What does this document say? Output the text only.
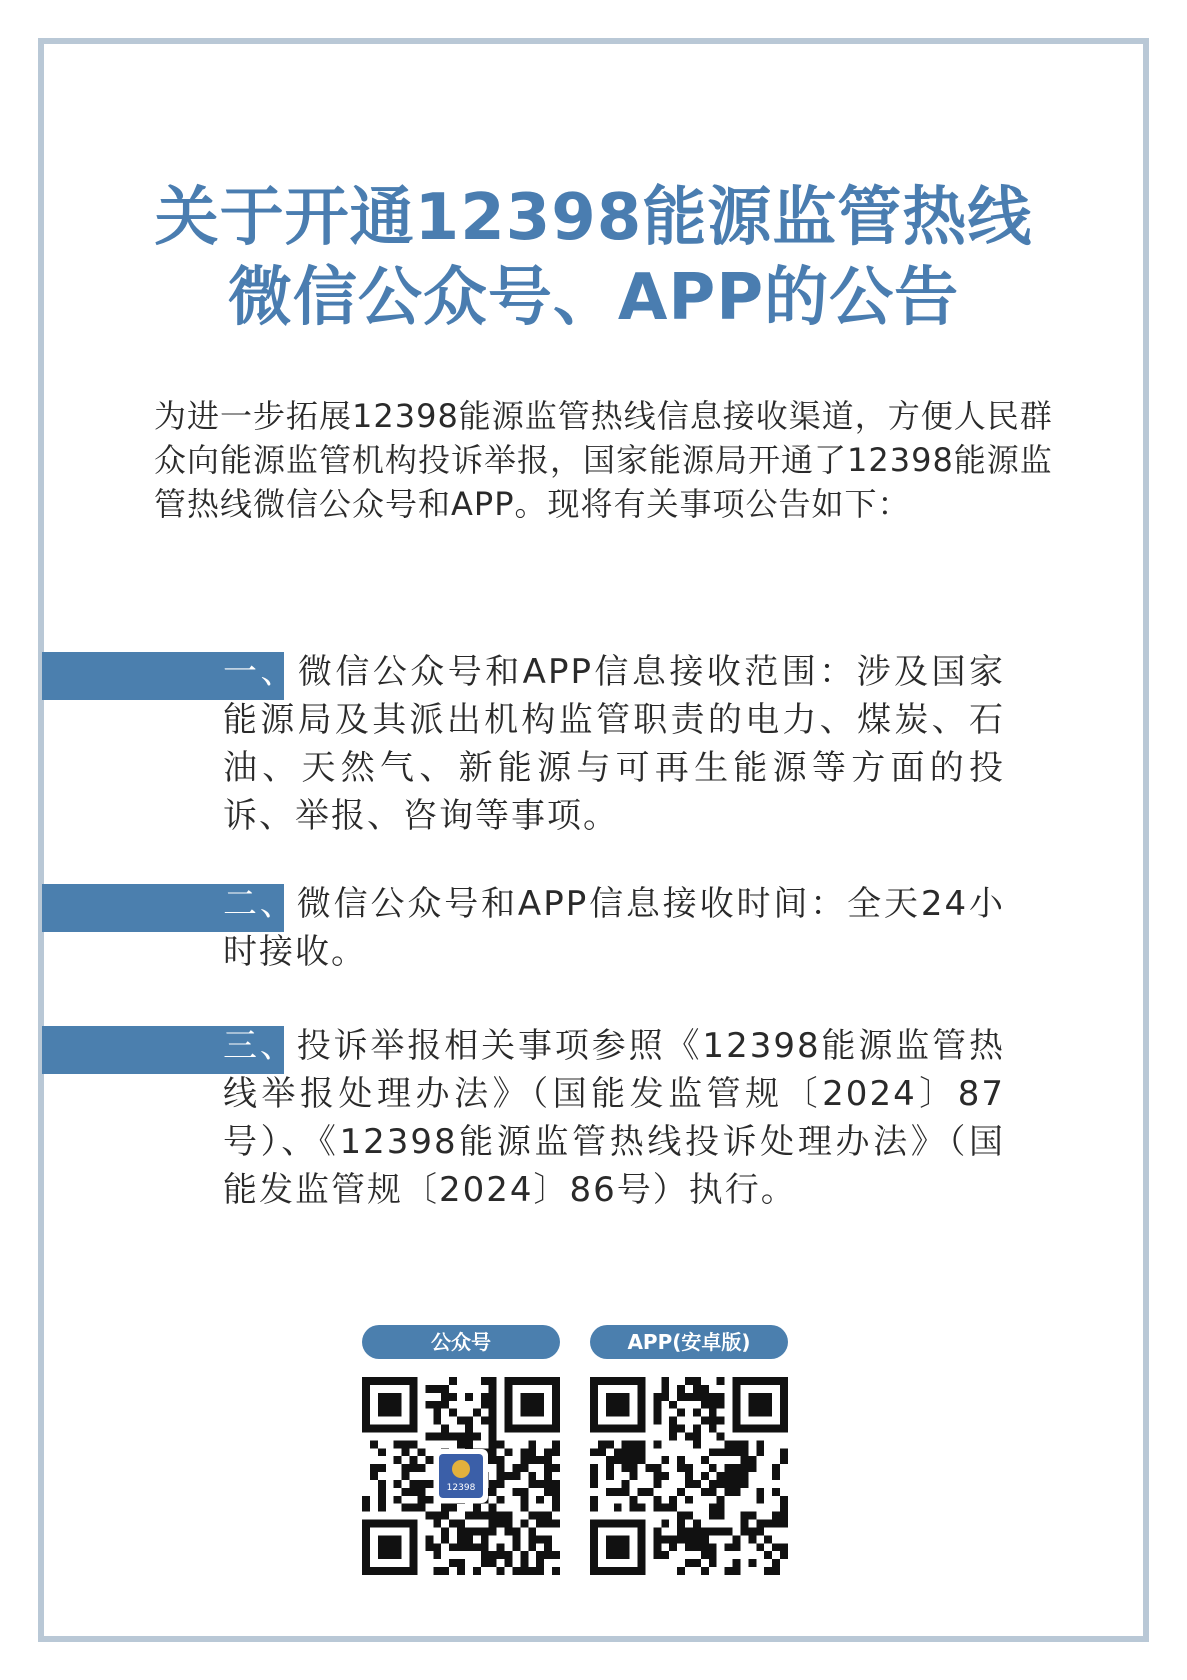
关于开通12398能源监管热线
微信公众号、APP的公告
为进一步拓展12398能源监管热线信息接收渠道，方便人民群众向能源监管机构投诉举报，国家能源局开通了12398能源监管热线微信公众号和APP。现将有关事项公告如下：
一、微信公众号和APP信息接收范围：涉及国家能源局及其派出机构监管职责的电力、煤炭、石油、天然气、新能源与可再生能源等方面的投诉、举报、咨询等事项。
二、微信公众号和APP信息接收时间：全天24小时接收。
三、投诉举报相关事项参照《12398能源监管热线举报处理办法》（国能发监管规〔2024〕87号）、《12398能源监管热线投诉处理办法》（国能发监管规〔2024〕86号）执行。
公众号
12398
APP(安卓版)
